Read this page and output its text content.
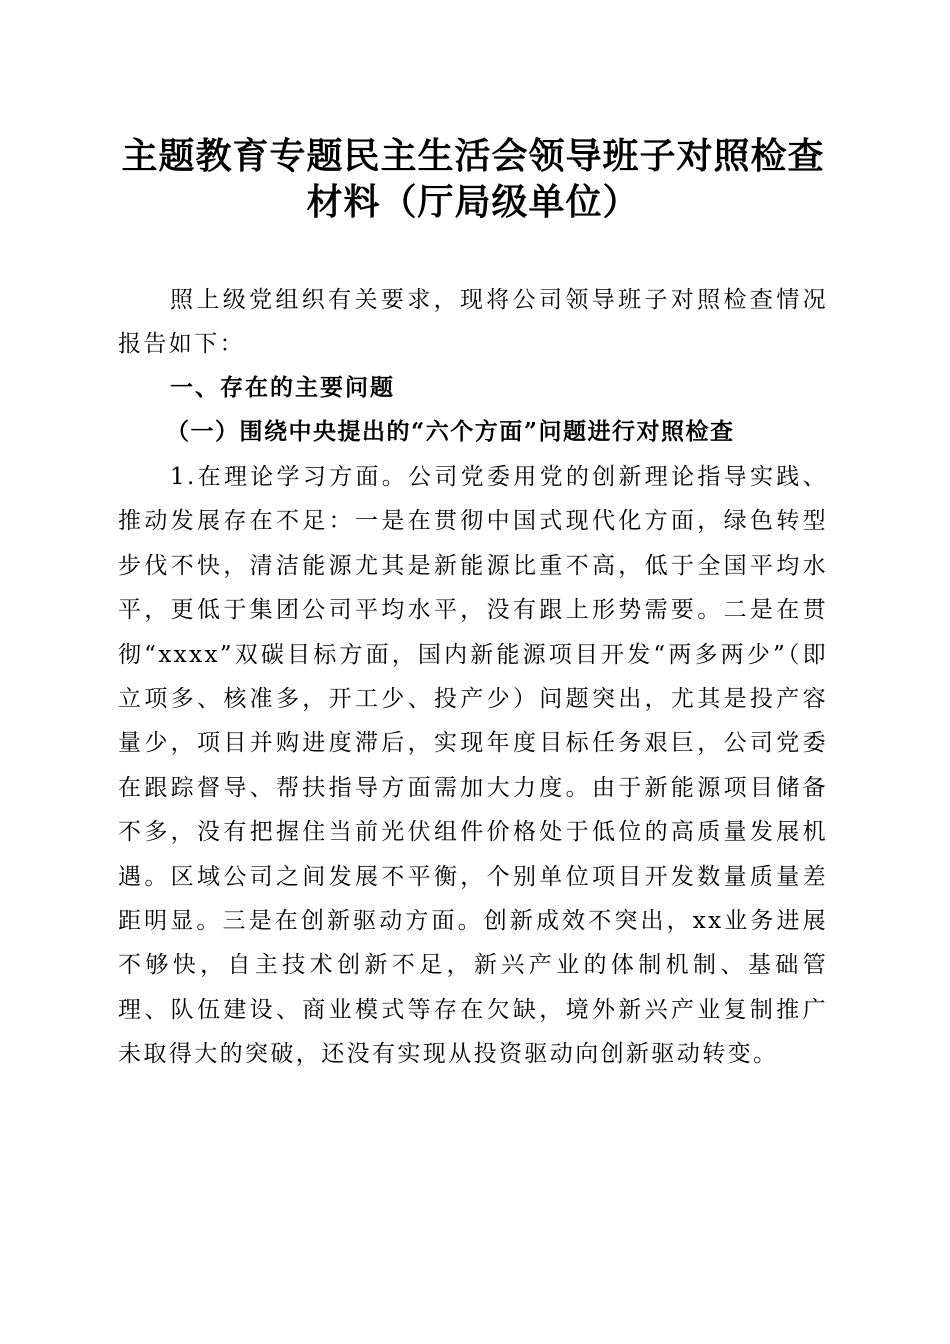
主题教育专题民主生活会领导班子对照检查材料（厅局级单位）

照上级党组织有关要求，现将公司领导班子对照检查情况报告如下：

一、存在的主要问题
（一）围绕中央提出的“六个方面”问题进行对照检查

1.在理论学习方面。公司党委用党的创新理论指导实践、推动发展存在不足：一是在贯彻中国式现代化方面，绿色转型步伐不快，清洁能源尤其是新能源比重不高，低于全国平均水平，更低于集团公司平均水平，没有跟上形势需要。二是在贯彻“xxxx”双碳目标方面，国内新能源项目开发“两多两少”（即立项多、核准多，开工少、投产少）问题突出，尤其是投产容量少，项目并购进度滞后，实现年度目标任务艰巨，公司党委在跟踪督导、帮扶指导方面需加大力度。由于新能源项目储备不多，没有把握住当前光伏组件价格处于低位的高质量发展机遇。区域公司之间发展不平衡，个别单位项目开发数量质量差距明显。三是在创新驱动方面。创新成效不突出，xx业务进展不够快，自主技术创新不足，新兴产业的体制机制、基础管理、队伍建设、商业模式等存在欠缺，境外新兴产业复制推广未取得大的突破，还没有实现从投资驱动向创新驱动转变。
